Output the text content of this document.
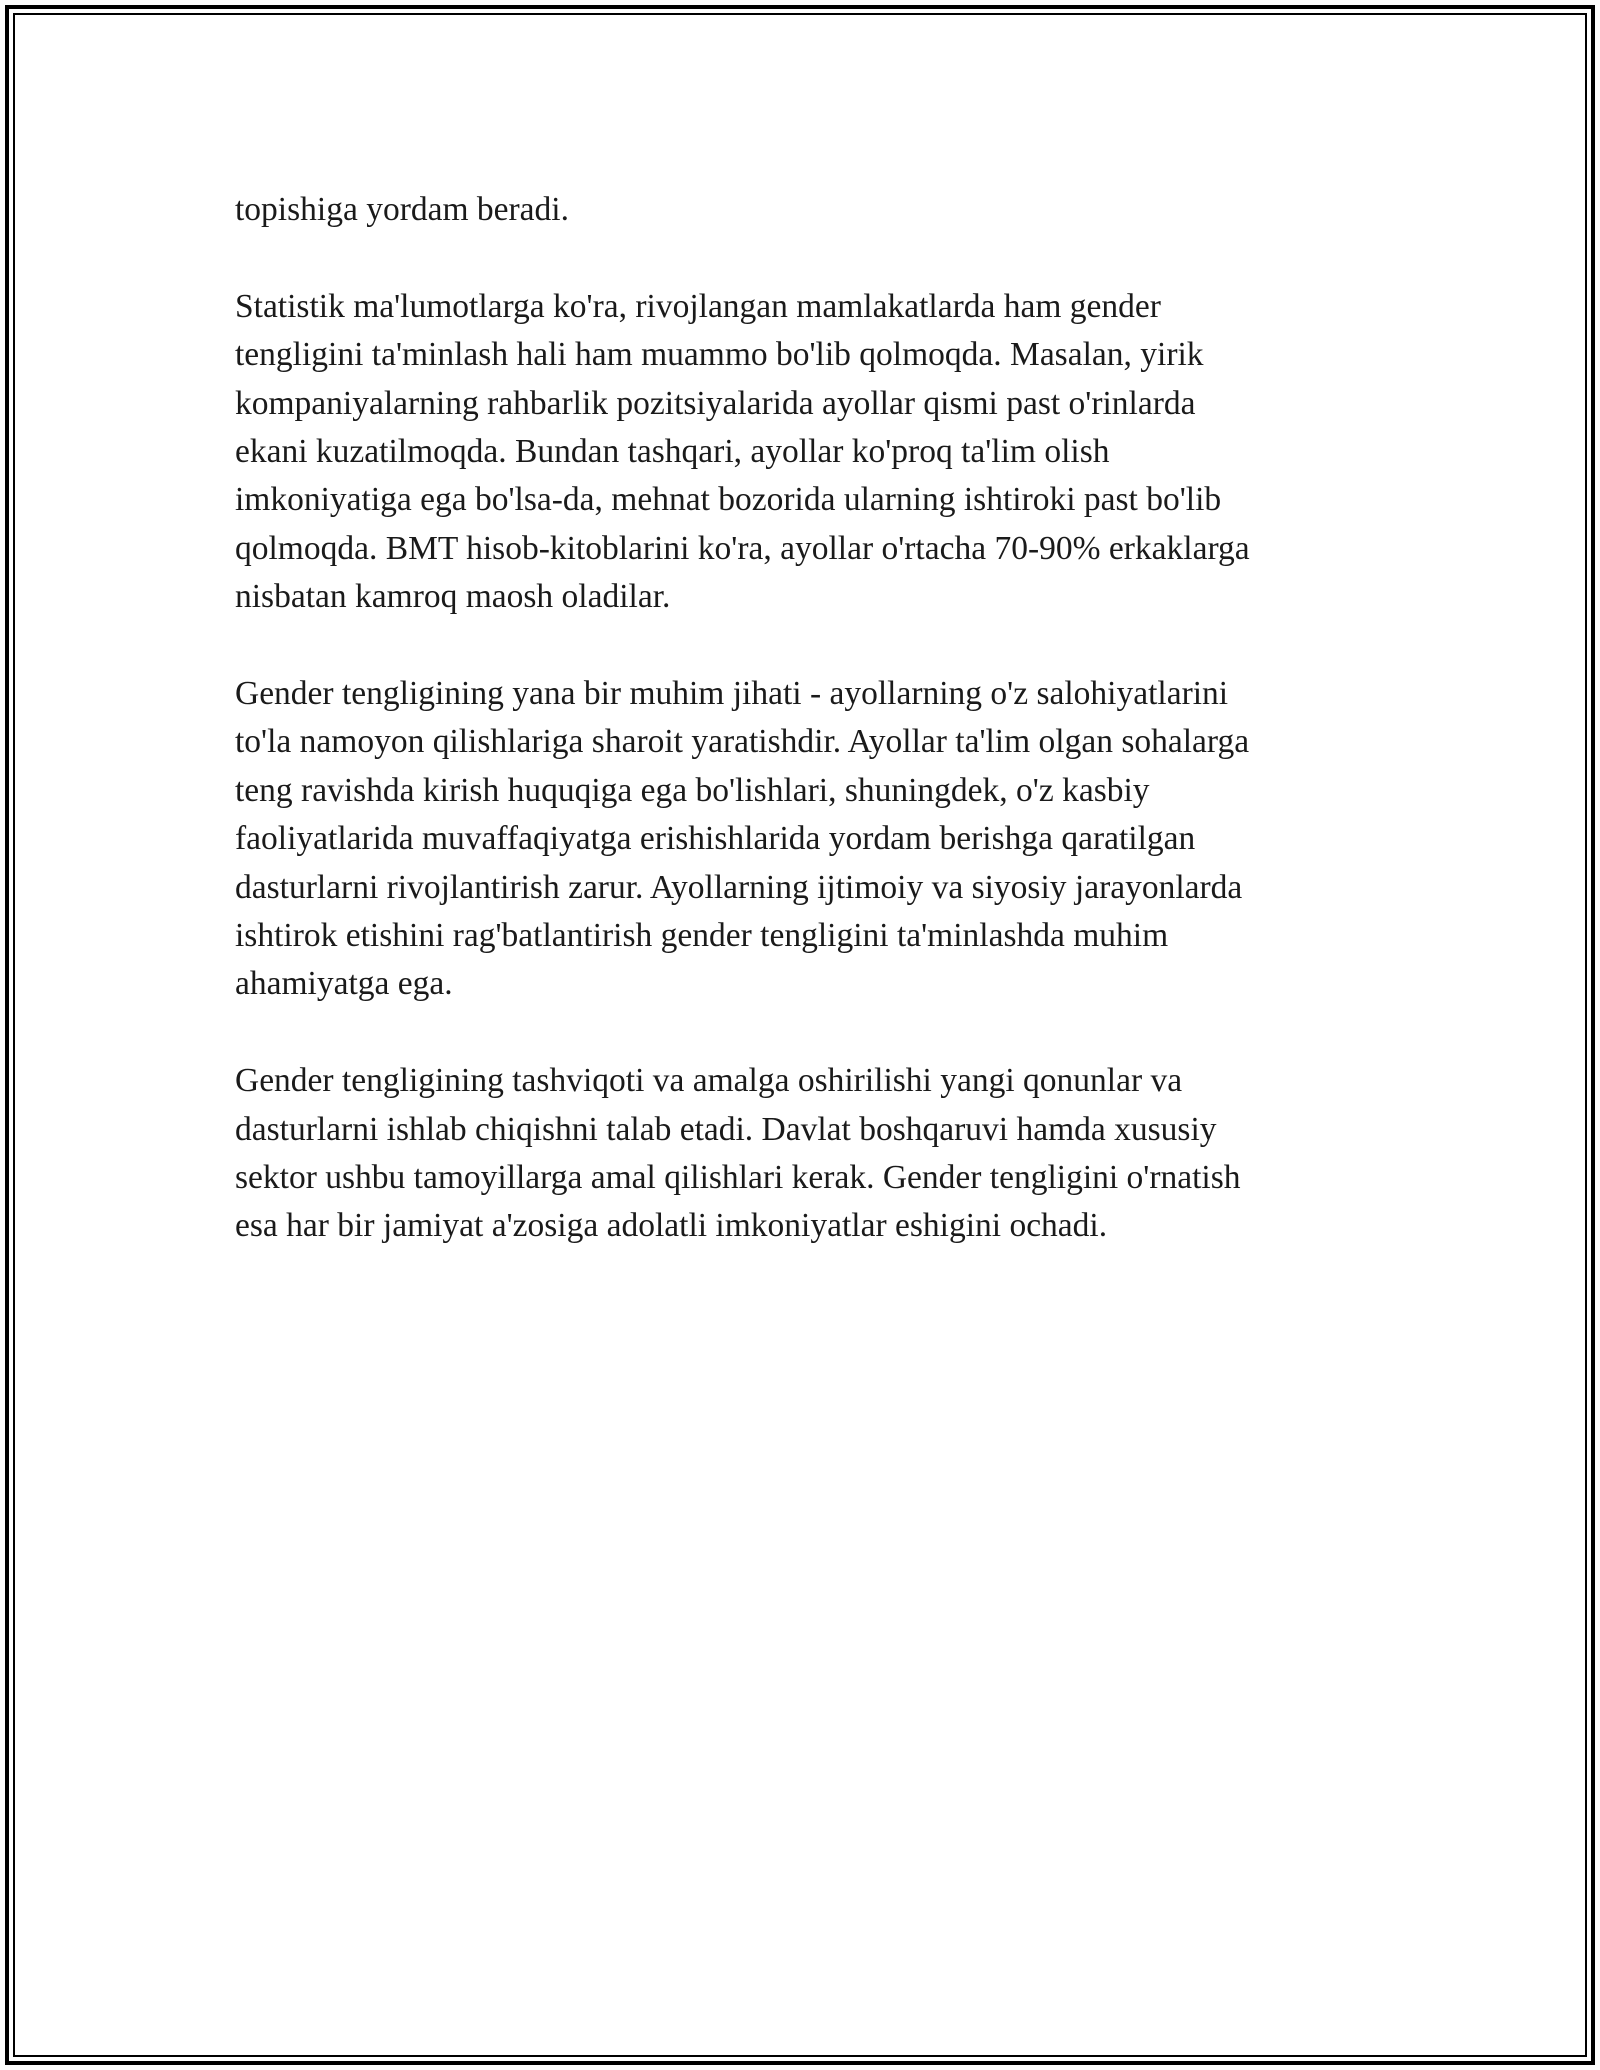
topishiga yordam beradi.

Statistik ma'lumotlarga ko'ra, rivojlangan mamlakatlarda ham gender
tengligini ta'minlash hali ham muammo bo'lib qolmoqda. Masalan, yirik
kompaniyalarning rahbarlik pozitsiyalarida ayollar qismi past o'rinlarda
ekani kuzatilmoqda. Bundan tashqari, ayollar ko'proq ta'lim olish
imkoniyatiga ega bo'lsa-da, mehnat bozorida ularning ishtiroki past bo'lib
qolmoqda. BMT hisob-kitoblarini ko'ra, ayollar o'rtacha 70-90% erkaklarga
nisbatan kamroq maosh oladilar.

Gender tengligining yana bir muhim jihati - ayollarning o'z salohiyatlarini
to'la namoyon qilishlariga sharoit yaratishdir. Ayollar ta'lim olgan sohalarga
teng ravishda kirish huquqiga ega bo'lishlari, shuningdek, o'z kasbiy
faoliyatlarida muvaffaqiyatga erishishlarida yordam berishga qaratilgan
dasturlarni rivojlantirish zarur. Ayollarning ijtimoiy va siyosiy jarayonlarda
ishtirok etishini rag'batlantirish gender tengligini ta'minlashda muhim
ahamiyatga ega.

Gender tengligining tashviqoti va amalga oshirilishi yangi qonunlar va
dasturlarni ishlab chiqishni talab etadi. Davlat boshqaruvi hamda xususiy
sektor ushbu tamoyillarga amal qilishlari kerak. Gender tengligini o'rnatish
esa har bir jamiyat a'zosiga adolatli imkoniyatlar eshigini ochadi.
